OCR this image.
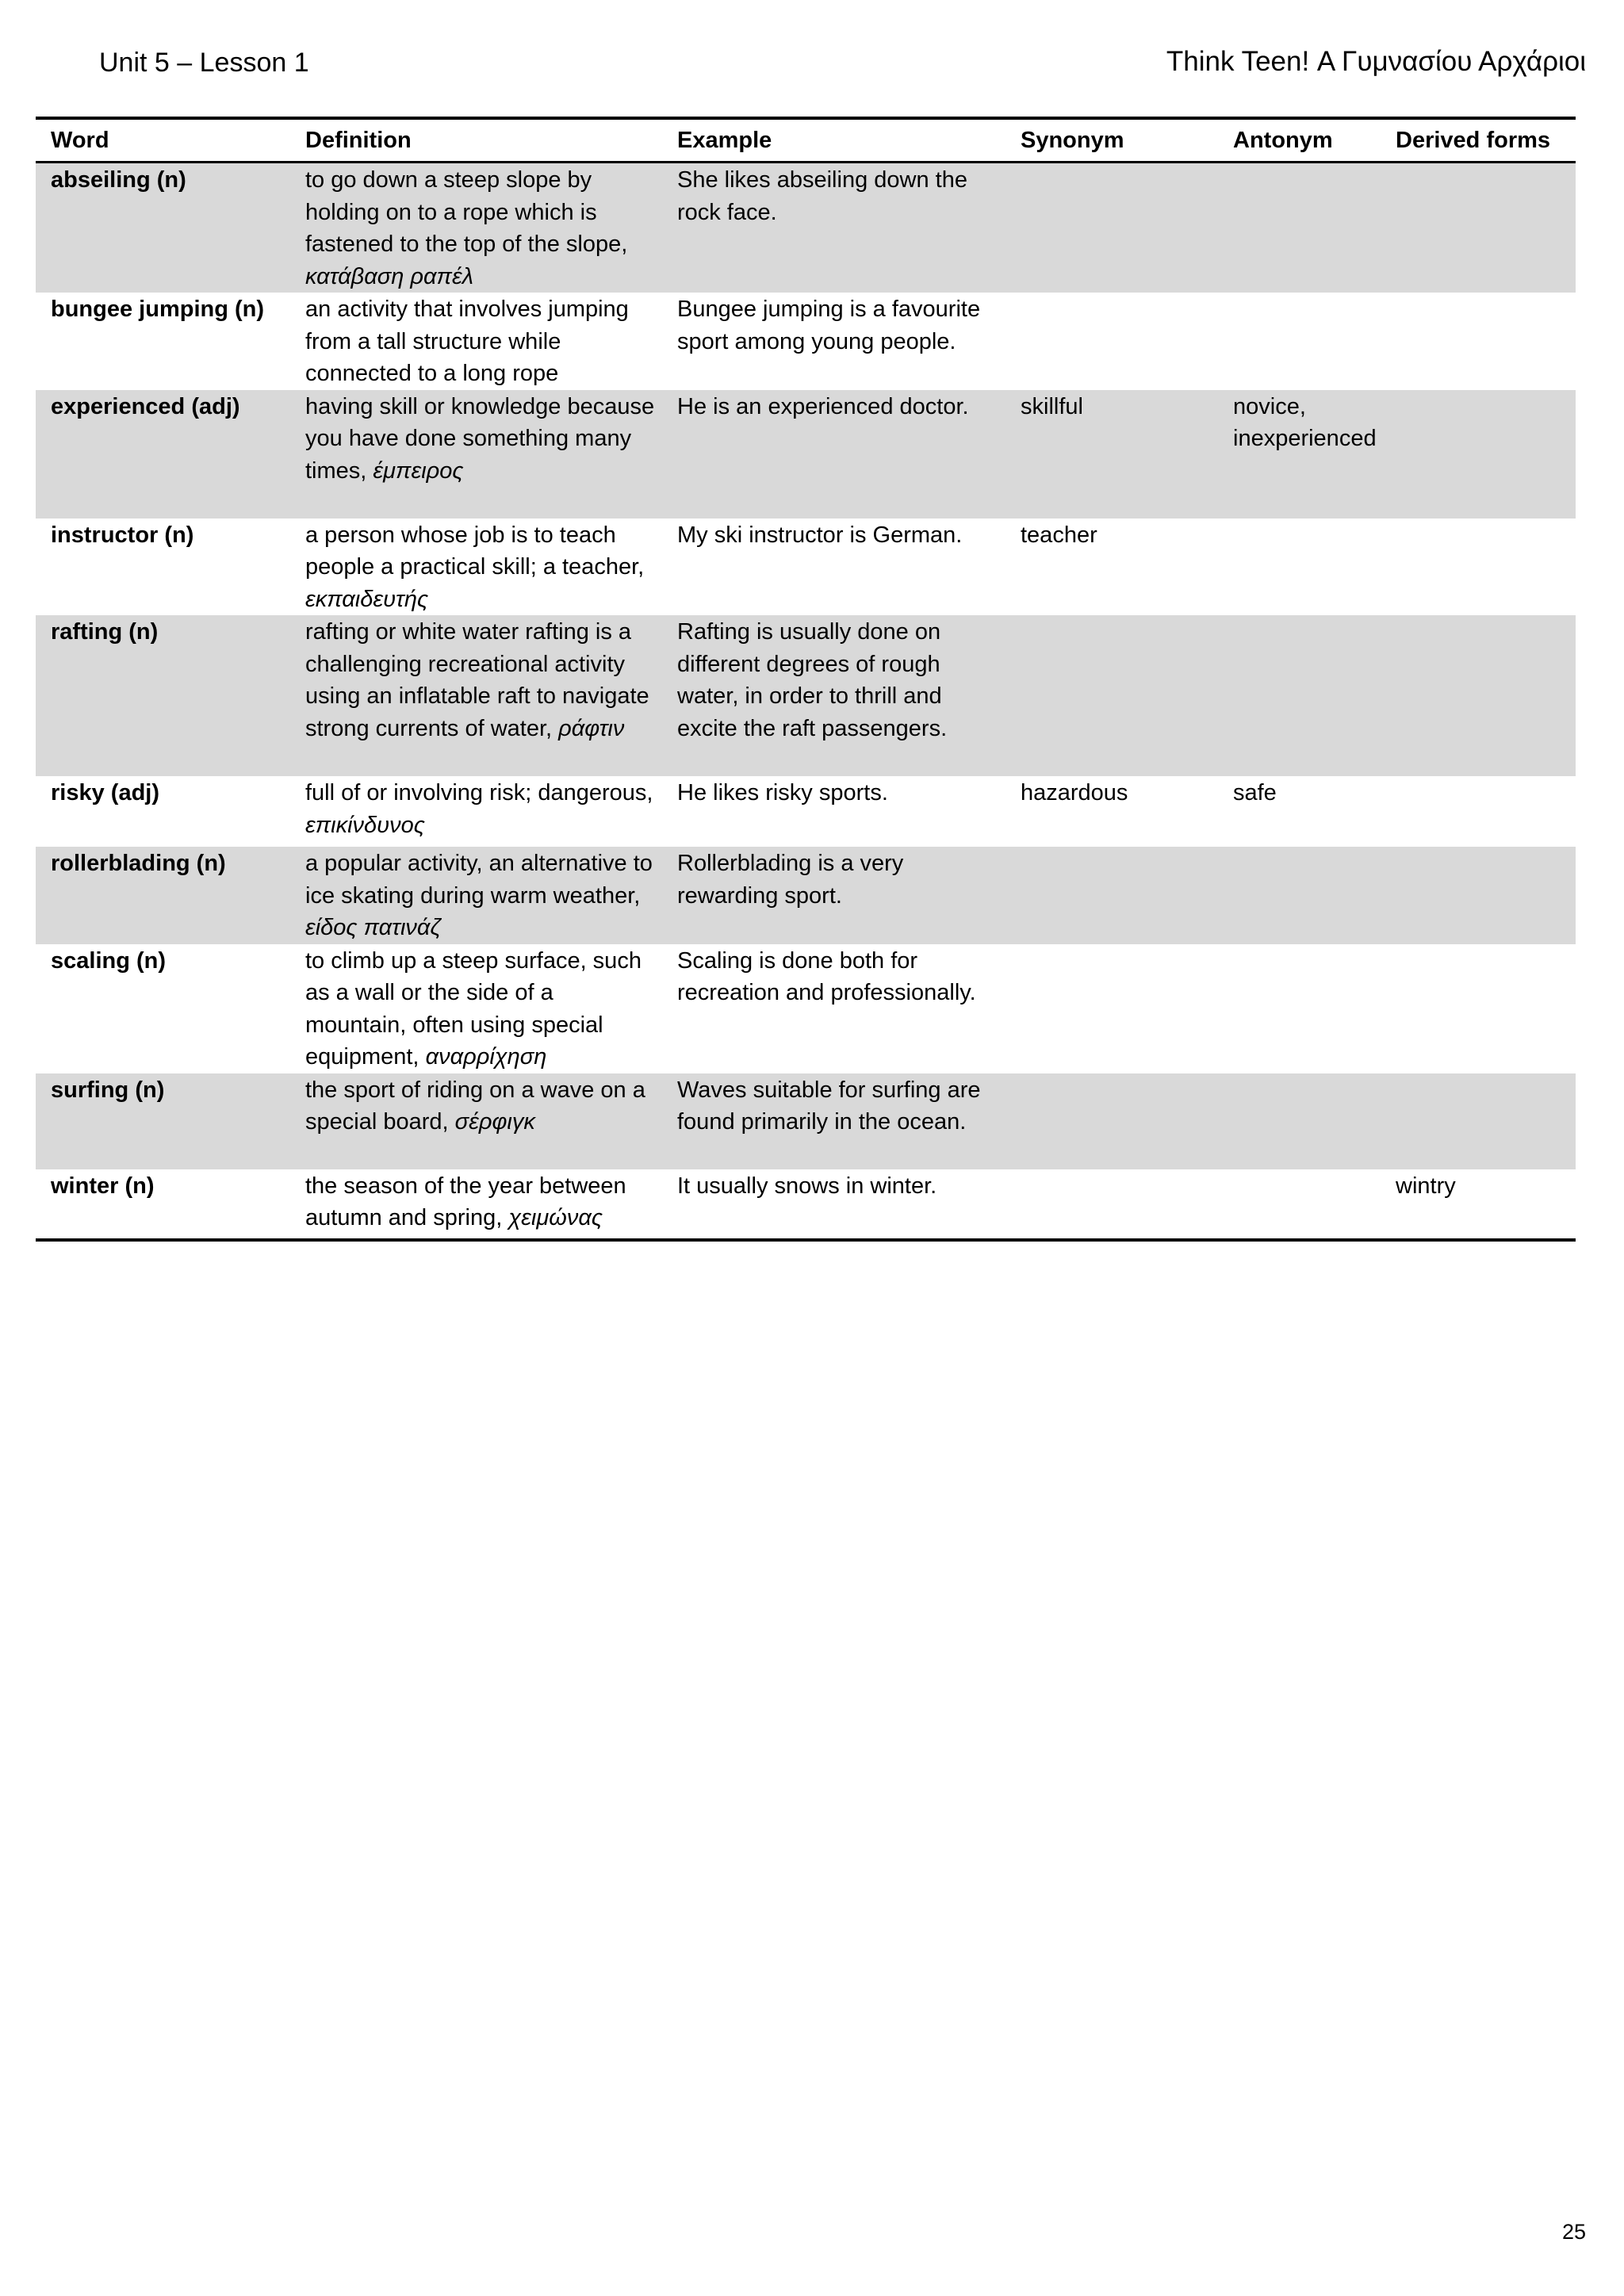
Unit 5 – Lesson 1	Think Teen! Α Γυμνασίου Αρχάριοι
Word	Definition	Example	Synonym	Antonym	Derived forms
abseiling (n)	to go down a steep slope by holding on to a rope which is fastened to the top of the slope, κατάβαση ραπέλ	She likes abseiling down the rock face.			
bungee jumping (n)	an activity that involves jumping from a tall structure while connected to a long rope	Bungee jumping is a favourite sport among young people.			
experienced (adj)	having skill or knowledge because you have done something many times, έμπειρος	He is an experienced doctor.	skillful	novice, inexperienced	
instructor (n)	a person whose job is to teach people a practical skill; a teacher, εκπαιδευτής	My ski instructor is German.	teacher		
rafting (n)	rafting or white water rafting is a challenging recreational activity using an inflatable raft to navigate strong currents of water, ράφτιν	Rafting is usually done on different degrees of rough water, in order to thrill and excite the raft passengers.			
risky (adj)	full of or involving risk; dangerous, επικίνδυνος	He likes risky sports.	hazardous	safe	
rollerblading (n)	a popular activity, an alternative to ice skating during warm weather, είδος πατινάζ	Rollerblading is a very rewarding sport.			
scaling (n)	to climb up a steep surface, such as a wall or the side of a mountain, often using special equipment, αναρρίχηση	Scaling is done both for recreation and professionally.			
surfing (n)	the sport of riding on a wave on a special board, σέρφιγκ	Waves suitable for surfing are found primarily in the ocean.			
winter (n)	the season of the year between autumn and spring, χειμώνας	It usually snows in winter.			wintry
25
